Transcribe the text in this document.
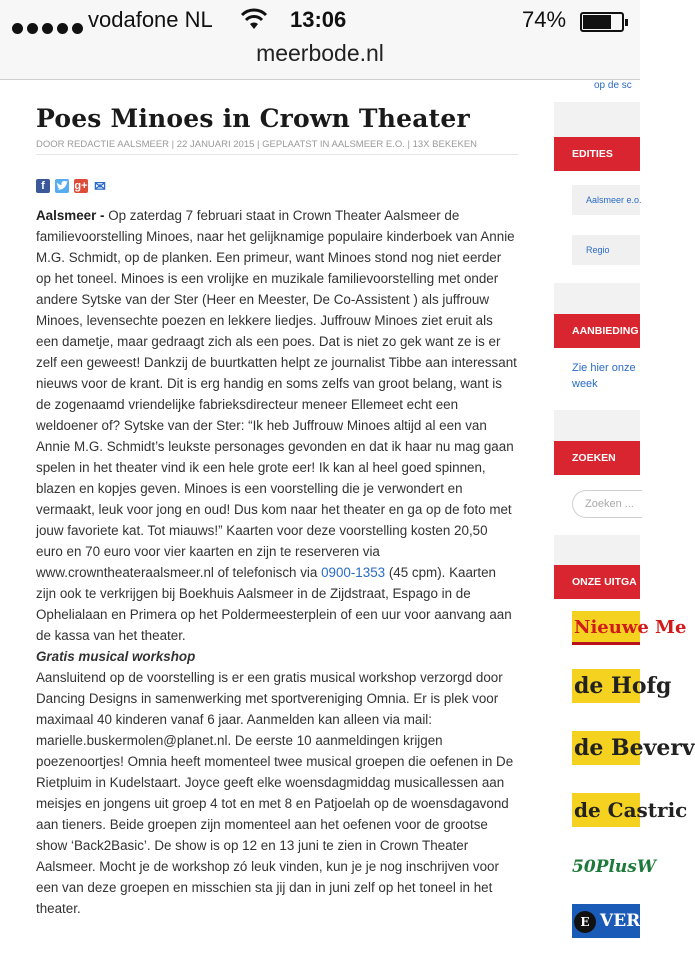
vodafone NL	13:06	74%
meerbode.nl
Poes Minoes in Crown Theater
DOOR REDACTIE AALSMEER | 22 JANUARI 2015 | GEPLAATST IN AALSMEER E.O. | 13X BEKEKEN
f	g+ ✉

Aalsmeer - Op zaterdag 7 februari staat in Crown Theater Aalsmeer de familievoorstelling Minoes, naar het gelijknamige populaire kinderboek van Annie M.G. Schmidt, op de planken. Een primeur, want Minoes stond nog niet eerder op het toneel. Minoes is een vrolijke en muzikale familievoorstelling met onder andere Sytske van der Ster (Heer en Meester, De Co-Assistent ) als juffrouw Minoes, levensechte poezen en lekkere liedjes. Juffrouw Minoes ziet eruit als een dametje, maar gedraagt zich als een poes. Dat is niet zo gek want ze is er zelf een geweest! Dankzij de buurtkatten helpt ze journalist Tibbe aan interessant nieuws voor de krant. Dit is erg handig en soms zelfs van groot belang, want is de zogenaamd vriendelijke fabrieksdirecteur meneer Ellemeet echt een weldoener of? Sytske van der Ster: “Ik heb Juffrouw Minoes altijd al een van Annie M.G. Schmidt’s leukste personages gevonden en dat ik haar nu mag gaan spelen in het theater vind ik een hele grote eer! Ik kan al heel goed spinnen, blazen en kopjes geven. Minoes is een voorstelling die je verwondert en vermaakt, leuk voor jong en oud! Dus kom naar het theater en ga op de foto met jouw favoriete kat. Tot miauws!” Kaarten voor deze voorstelling kosten 20,50 euro en 70 euro voor vier kaarten en zijn te reserveren via www.crowntheateraalsmeer.nl of telefonisch via 0900-1353 (45 cpm). Kaarten zijn ook te verkrijgen bij Boekhuis Aalsmeer in de Zijdstraat, Espago in de Ophelialaan en Primera op het Poldermeesterplein of een uur voor aanvang aan de kassa van het theater.

Gratis musical workshop

Aansluitend op de voorstelling is er een gratis musical workshop verzorgd door Dancing Designs in samenwerking met sportvereniging Omnia. Er is plek voor maximaal 40 kinderen vanaf 6 jaar. Aanmelden kan alleen via mail: marielle.buskermolen@planet.nl. De eerste 10 aanmeldingen krijgen poezenoortjes! Omnia heeft momenteel twee musical groepen die oefenen in De Rietpluim in Kudelstaart. Joyce geeft elke woensdagmiddag musicallessen aan meisjes en jongens uit groep 4 tot en met 8 en Patjoelah op de woensdagavond aan tieners. Beide groepen zijn momenteel aan het oefenen voor de grootse show ‘Back2Basic’. De show is op 12 en 13 juni te zien in Crown Theater Aalsmeer. Mocht je de workshop zó leuk vinden, kun je je nog inschrijven voor een van deze groepen en misschien sta jij dan in juni zelf op het toneel in het theater.

op de sc
EDITIES
Aalsmeer e.o.
Regio
AANBIEDING
Zie hier onze
week
ZOEKEN
Zoeken ...
ONZE UITGA
Nieuwe Me
de Hofg
de Beverv
de Castric
50PlusW
E VERS
